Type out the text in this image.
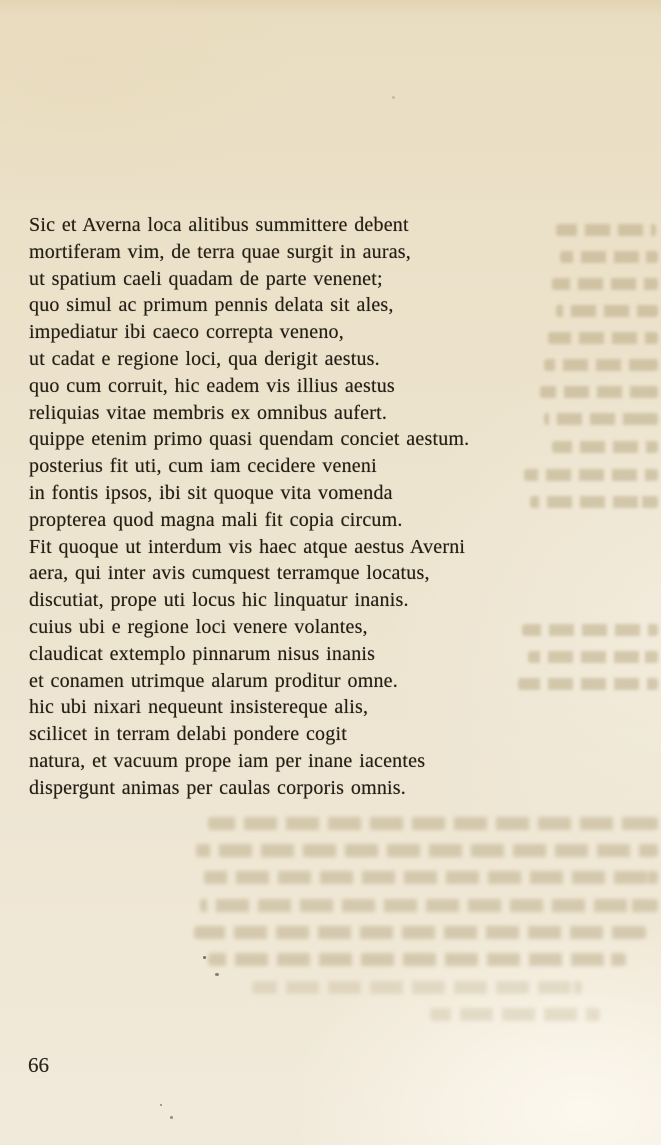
Sic et Averna loca alitibus summittere debent
mortiferam vim, de terra quae surgit in auras,
ut spatium caeli quadam de parte venenet;
quo simul ac primum pennis delata sit ales,
impediatur ibi caeco correpta veneno,
ut cadat e regione loci, qua derigit aestus.
quo cum corruit, hic eadem vis illius aestus
reliquias vitae membris ex omnibus aufert.
quippe etenim primo quasi quendam conciet aestum.
posterius fit uti, cum iam cecidere veneni
in fontis ipsos, ibi sit quoque vita vomenda
propterea quod magna mali fit copia circum.
Fit quoque ut interdum vis haec atque aestus Averni
aera, qui inter avis cumquest terramque locatus,
discutiat, prope uti locus hic linquatur inanis.
cuius ubi e regione loci venere volantes,
claudicat extemplo pinnarum nisus inanis
et conamen utrimque alarum proditur omne.
hic ubi nixari nequeunt insistereque alis,
scilicet in terram delabi pondere cogit
natura, et vacuum prope iam per inane iacentes
dispergunt animas per caulas corporis omnis.
66
